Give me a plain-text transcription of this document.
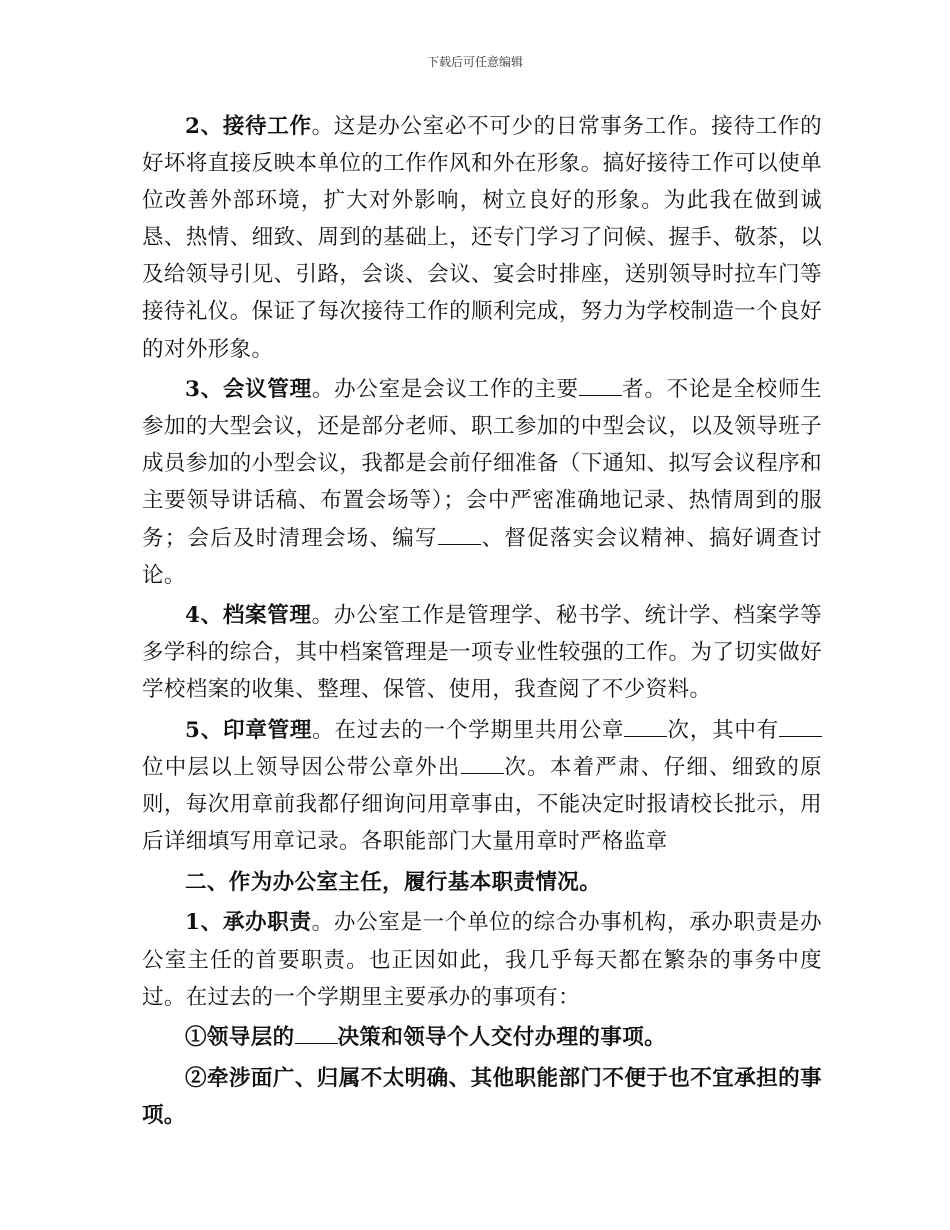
下载后可任意编辑

2、接待工作。这是办公室必不可少的日常事务工作。接待工作的好坏将直接反映本单位的工作作风和外在形象。搞好接待工作可以使单位改善外部环境，扩大对外影响，树立良好的形象。为此我在做到诚恳、热情、细致、周到的基础上，还专门学习了问候、握手、敬茶，以及给领导引见、引路，会谈、会议、宴会时排座，送别领导时拉车门等接待礼仪。保证了每次接待工作的顺利完成，努力为学校制造一个良好的对外形象。

3、会议管理。办公室是会议工作的主要 者。不论是全校师生参加的大型会议，还是部分老师、职工参加的中型会议，以及领导班子成员参加的小型会议，我都是会前仔细准备（下通知、拟写会议程序和主要领导讲话稿、布置会场等）；会中严密准确地记录、热情周到的服务；会后及时清理会场、编写 、督促落实会议精神、搞好调查讨论。

4、档案管理。办公室工作是管理学、秘书学、统计学、档案学等多学科的综合，其中档案管理是一项专业性较强的工作。为了切实做好学校档案的收集、整理、保管、使用，我查阅了不少资料。

5、印章管理。在过去的一个学期里共用公章 次，其中有位中层以上领导因公带公章外出 次。本着严肃、仔细、细致的原则，每次用章前我都仔细询问用章事由，不能决定时报请校长批示，用后详细填写用章记录。各职能部门大量用章时严格监章

二、作为办公室主任，履行基本职责情况。

1、承办职责。办公室是一个单位的综合办事机构，承办职责是办公室主任的首要职责。也正因如此，我几乎每天都在繁杂的事务中度过。在过去的一个学期里主要承办的事项有：

①领导层的 决策和领导个人交付办理的事项。

②牵涉面广、归属不太明确、其他职能部门不便于也不宜承担的事项。
